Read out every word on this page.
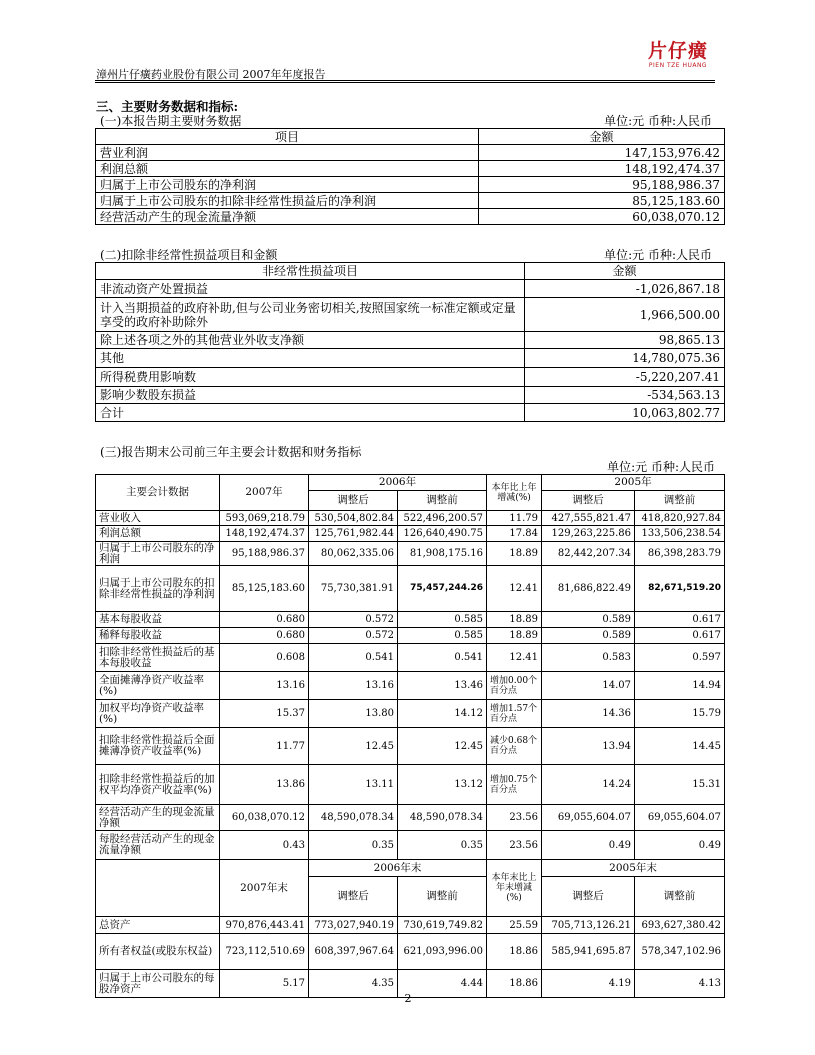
漳州片仔癀药业股份有限公司 2007年年度报告
片仔癀
PIEN TZE HUANG
三、主要财务数据和指标:
(一)本报告期主要财务数据	单位:元 币种:人民币
项目	金额
营业利润	147,153,976.42
利润总额	148,192,474.37
归属于上市公司股东的净利润	95,188,986.37
归属于上市公司股东的扣除非经常性损益后的净利润	85,125,183.60
经营活动产生的现金流量净额	60,038,070.12
(二)扣除非经常性损益项目和金额	单位:元 币种:人民币
非经常性损益项目	金额
非流动资产处置损益	-1,026,867.18
计入当期损益的政府补助,但与公司业务密切相关,按照国家统一标准定额或定量享受的政府补助除外	1,966,500.00
除上述各项之外的其他营业外收支净额	98,865.13
其他	14,780,075.36
所得税费用影响数	-5,220,207.41
影响少数股东损益	-534,563.13
合计	10,063,802.77
(三)报告期末公司前三年主要会计数据和财务指标
单位:元 币种:人民币
主要会计数据	2007年	2006年		本年比上年增减(%)	2005年	
		调整后	调整前		调整后	调整前
营业收入	593,069,218.79	530,504,802.84	522,496,200.57	11.79	427,555,821.47	418,820,927.84
利润总额	148,192,474.37	125,761,982.44	126,640,490.75	17.84	129,263,225.86	133,506,238.54
归属于上市公司股东的净利润	95,188,986.37	80,062,335.06	81,908,175.16	18.89	82,442,207.34	86,398,283.79
归属于上市公司股东的扣除非经常性损益的净利润	85,125,183.60	75,730,381.91	75,457,244.26	12.41	81,686,822.49	82,671,519.20
基本每股收益	0.680	0.572	0.585	18.89	0.589	0.617
稀释每股收益	0.680	0.572	0.585	18.89	0.589	0.617
扣除非经常性损益后的基本每股收益	0.608	0.541	0.541	12.41	0.583	0.597
全面摊薄净资产收益率(%)	13.16	13.16	13.46	增加0.00个百分点	14.07	14.94
加权平均净资产收益率(%)	15.37	13.80	14.12	增加1.57个百分点	14.36	15.79
扣除非经常性损益后全面摊薄净资产收益率(%)	11.77	12.45	12.45	减少0.68个百分点	13.94	14.45
扣除非经常性损益后的加权平均净资产收益率(%)	13.86	13.11	13.12	增加0.75个百分点	14.24	15.31
经营活动产生的现金流量净额	60,038,070.12	48,590,078.34	48,590,078.34	23.56	69,055,604.07	69,055,604.07
每股经营活动产生的现金流量净额	0.43	0.35	0.35	23.56	0.49	0.49
	2007年末	2006年末		本年末比上年末增减(%)	2005年末	
		调整后	调整前		调整后	调整前

总资产	970,876,443.41	773,027,940.19	730,619,749.82	25.59	705,713,126.21	693,627,380.42
所有者权益(或股东权益)	723,112,510.69	608,397,967.64	621,093,996.00	18.86	585,941,695.87	578,347,102.96
归属于上市公司股东的每股净资产	5.17	4.35	4.44	18.86	4.19	4.13
2
